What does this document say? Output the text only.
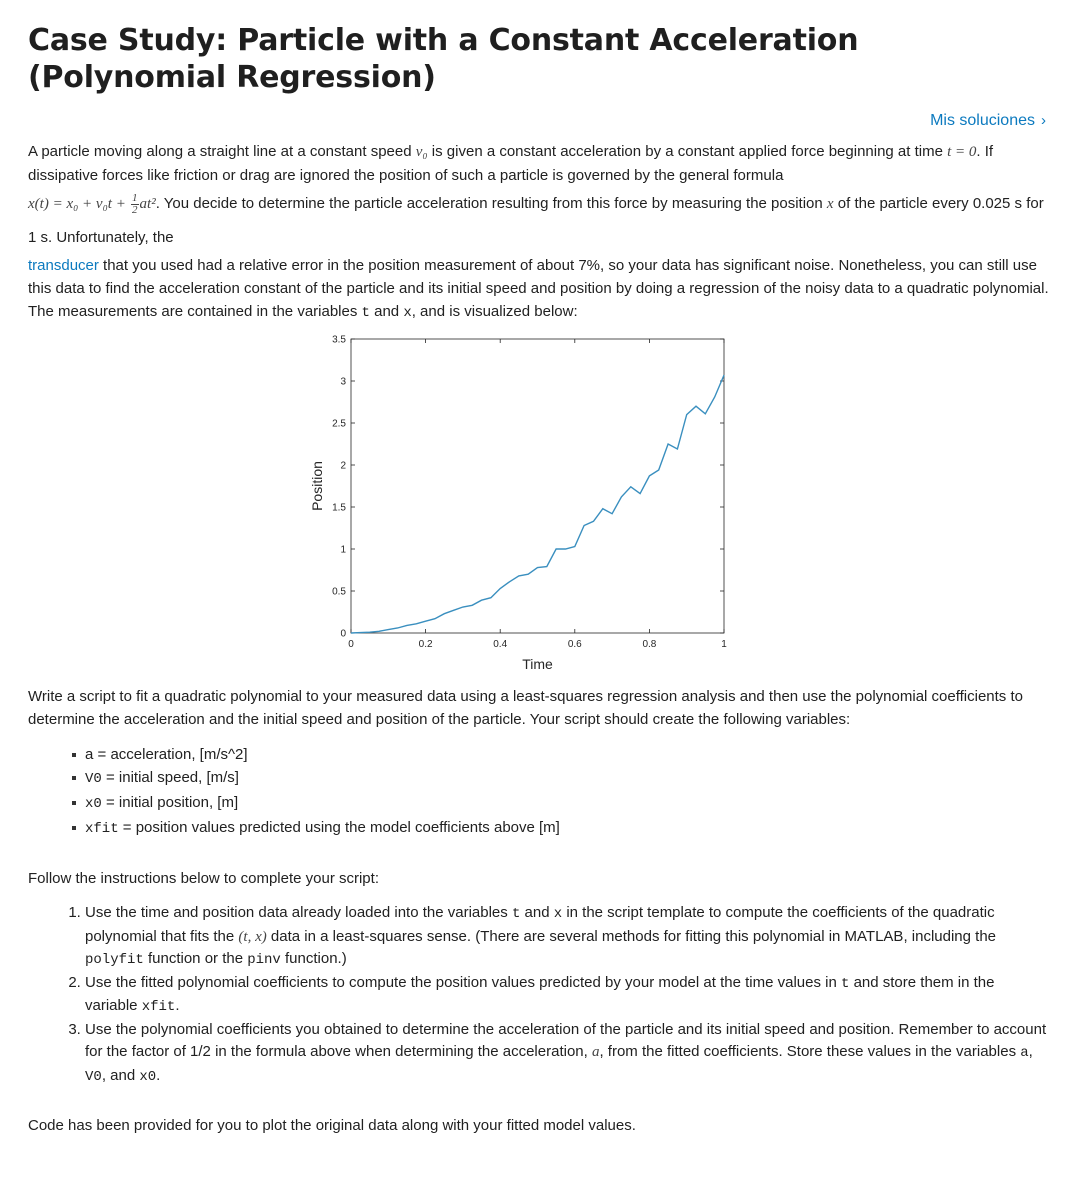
Case Study: Particle with a Constant Acceleration (Polynomial Regression)
Mis soluciones ›

A particle moving along a straight line at a constant speed v₀ is given a constant acceleration by a constant applied force beginning at time t = 0. If dissipative forces like friction or drag are ignored the position of such a particle is governed by the general formula

$x(t) = x_0 + v_0t + \frac{1}{2} at^2$. You decide to determine the particle acceleration resulting from this force by measuring the position x of the particle every 0.025 s for 1 s. Unfortunately, the

transducer that you used had a relative error in the position measurement of about 7%, so your data has significant noise. Nonetheless, you can still use this data to find the acceleration constant of the particle and its initial speed and position by doing a regression of the noisy data to a quadratic polynomial. The measurements are contained in the variables t and x, and is visualized below:

0	0.2	0.4	0.6	0.8	1
0
0.5
1
1.5
2
2.5
3
3.5
Time
Position

Write a script to fit a quadratic polynomial to your measured data using a least-squares regression analysis and then use the polynomial coefficients to determine the acceleration and the initial speed and position of the particle. Your script should create the following variables:

a = acceleration, [m/s^2]
V0 = initial speed, [m/s]
x0 = initial position, [m]
xfit = position values predicted using the model coefficients above [m]

Follow the instructions below to complete your script:

1. Use the time and position data already loaded into the variables t and x in the script template to compute the coefficients of the quadratic polynomial that fits the (t, x) data in a least-squares sense. (There are several methods for fitting this polynomial in MATLAB, including the polyfit function or the pinv function.)
2. Use the fitted polynomial coefficients to compute the position values predicted by your model at the time values in t and store them in the variable xfit.
3. Use the polynomial coefficients you obtained to determine the acceleration of the particle and its initial speed and position. Remember to account for the factor of 1/2 in the formula above when determining the acceleration, a, from the fitted coefficients. Store these values in the variables a, V0, and x0.

Code has been provided for you to plot the original data along with your fitted model values.
